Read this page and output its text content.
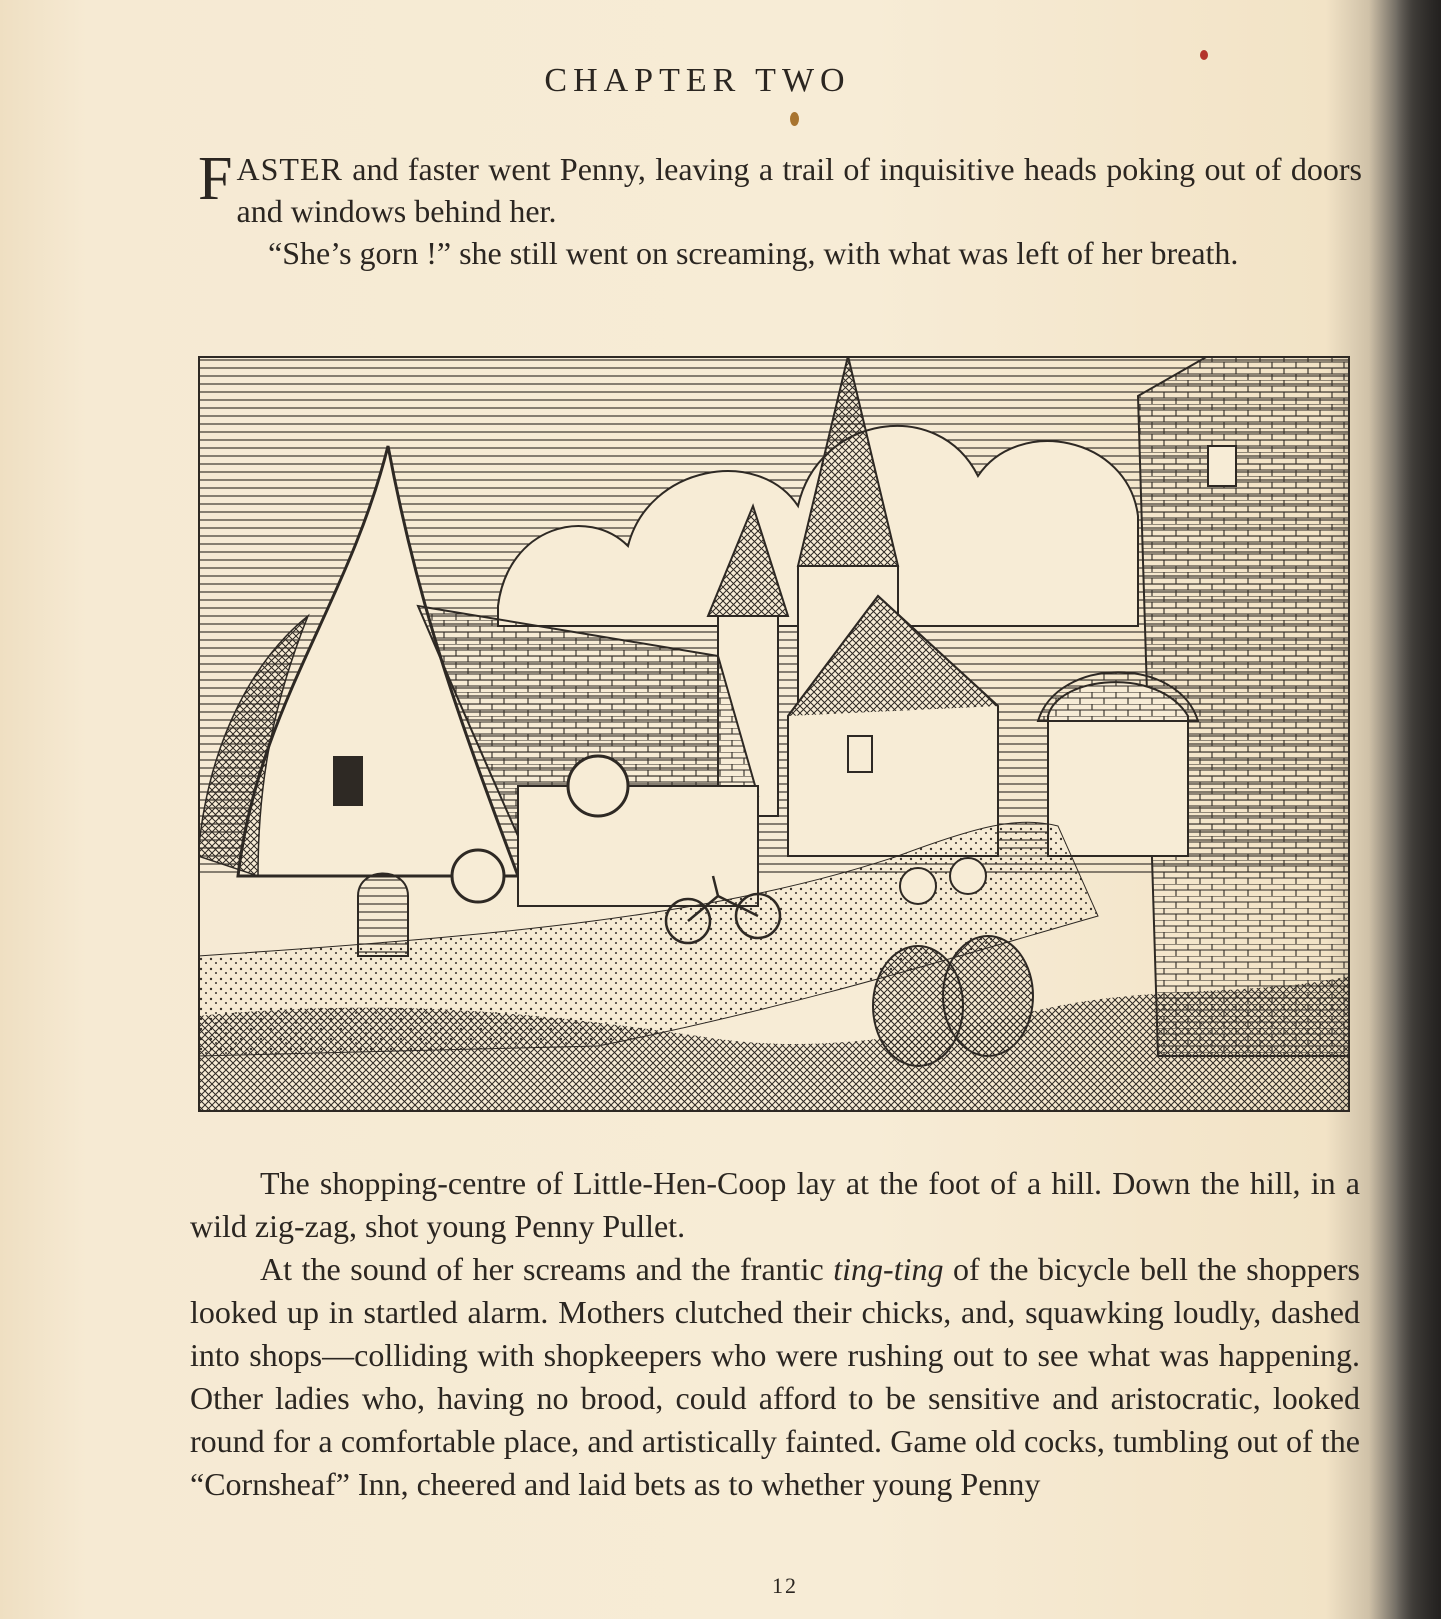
CHAPTER TWO

FASTER and faster went Penny, leaving a trail of inquisitive heads poking out of doors and windows behind her.

“She’s gorn !” she still went on screaming, with what was left of her breath.

The shopping-centre of Little-Hen-Coop lay at the foot of a hill. Down the hill, in a wild zig-zag, shot young Penny Pullet.

At the sound of her screams and the frantic ting-ting of the bicycle bell the shoppers looked up in startled alarm. Mothers clutched their chicks, and, squawking loudly, dashed into shops—colliding with shopkeepers who were rushing out to see what was happening. Other ladies who, having no brood, could afford to be sensitive and aristocratic, looked round for a comfortable place, and artistically fainted. Game old cocks, tumbling out of the “Cornsheaf” Inn, cheered and laid bets as to whether young Penny

12
